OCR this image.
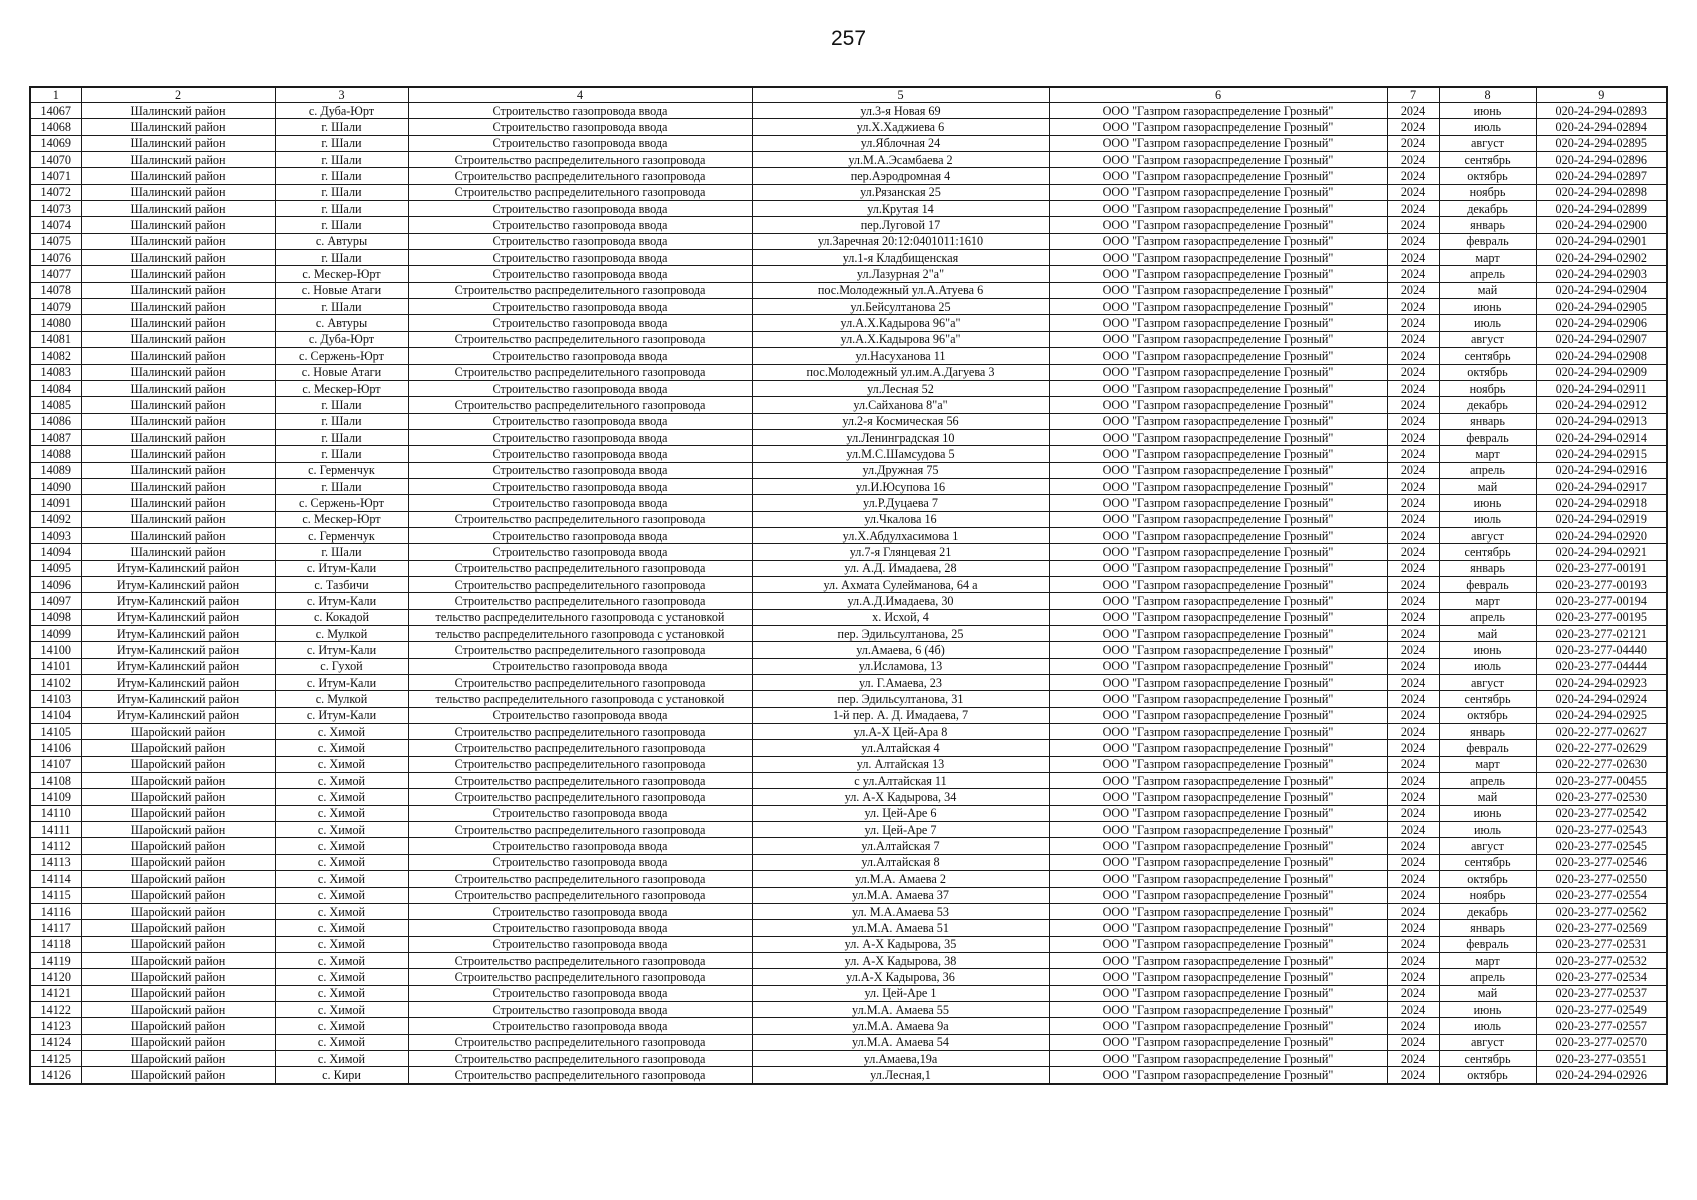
257
1	2	3	4	5	6	7	8	9
14067	Шалинский район	с. Дуба-Юрт	Строительство газопровода ввода	ул.3-я Новая 69	ООО "Газпром газораспределение Грозный"	2024	июнь	020-24-294-02893
14068	Шалинский район	г. Шали	Строительство газопровода ввода	ул.Х.Хаджиева 6	ООО "Газпром газораспределение Грозный"	2024	июль	020-24-294-02894
14069	Шалинский район	г. Шали	Строительство газопровода ввода	ул.Яблочная 24	ООО "Газпром газораспределение Грозный"	2024	август	020-24-294-02895
14070	Шалинский район	г. Шали	Строительство распределительного газопровода	ул.М.А.Эсамбаева 2	ООО "Газпром газораспределение Грозный"	2024	сентябрь	020-24-294-02896
14071	Шалинский район	г. Шали	Строительство распределительного газопровода	пер.Аэродромная 4	ООО "Газпром газораспределение Грозный"	2024	октябрь	020-24-294-02897
14072	Шалинский район	г. Шали	Строительство распределительного газопровода	ул.Рязанская 25	ООО "Газпром газораспределение Грозный"	2024	ноябрь	020-24-294-02898
14073	Шалинский район	г. Шали	Строительство газопровода ввода	ул.Крутая 14	ООО "Газпром газораспределение Грозный"	2024	декабрь	020-24-294-02899
14074	Шалинский район	г. Шали	Строительство газопровода ввода	пер.Луговой 17	ООО "Газпром газораспределение Грозный"	2024	январь	020-24-294-02900
14075	Шалинский район	с. Автуры	Строительство газопровода ввода	ул.Заречная 20:12:0401011:1610	ООО "Газпром газораспределение Грозный"	2024	февраль	020-24-294-02901
14076	Шалинский район	г. Шали	Строительство газопровода ввода	ул.1-я Кладбищенская	ООО "Газпром газораспределение Грозный"	2024	март	020-24-294-02902
14077	Шалинский район	с. Мескер-Юрт	Строительство газопровода ввода	ул.Лазурная 2"а"	ООО "Газпром газораспределение Грозный"	2024	апрель	020-24-294-02903
14078	Шалинский район	с. Новые Атаги	Строительство распределительного газопровода	пос.Молодежный ул.А.Атуева 6	ООО "Газпром газораспределение Грозный"	2024	май	020-24-294-02904
14079	Шалинский район	г. Шали	Строительство газопровода ввода	ул.Бейсултанова 25	ООО "Газпром газораспределение Грозный"	2024	июнь	020-24-294-02905
14080	Шалинский район	с. Автуры	Строительство газопровода ввода	ул.А.Х.Кадырова 96"а"	ООО "Газпром газораспределение Грозный"	2024	июль	020-24-294-02906
14081	Шалинский район	с. Дуба-Юрт	Строительство распределительного газопровода	ул.А.Х.Кадырова 96"а"	ООО "Газпром газораспределение Грозный"	2024	август	020-24-294-02907
14082	Шалинский район	с. Сержень-Юрт	Строительство газопровода ввода	ул.Насуханова 11	ООО "Газпром газораспределение Грозный"	2024	сентябрь	020-24-294-02908
14083	Шалинский район	с. Новые Атаги	Строительство распределительного газопровода	пос.Молодежный ул.им.А.Дагуева 3	ООО "Газпром газораспределение Грозный"	2024	октябрь	020-24-294-02909
14084	Шалинский район	с. Мескер-Юрт	Строительство газопровода ввода	ул.Лесная 52	ООО "Газпром газораспределение Грозный"	2024	ноябрь	020-24-294-02911
14085	Шалинский район	г. Шали	Строительство распределительного газопровода	ул.Сайханова 8"а"	ООО "Газпром газораспределение Грозный"	2024	декабрь	020-24-294-02912
14086	Шалинский район	г. Шали	Строительство газопровода ввода	ул.2-я Космическая 56	ООО "Газпром газораспределение Грозный"	2024	январь	020-24-294-02913
14087	Шалинский район	г. Шали	Строительство газопровода ввода	ул.Ленинградская 10	ООО "Газпром газораспределение Грозный"	2024	февраль	020-24-294-02914
14088	Шалинский район	г. Шали	Строительство газопровода ввода	ул.М.С.Шамсудова 5	ООО "Газпром газораспределение Грозный"	2024	март	020-24-294-02915
14089	Шалинский район	с. Герменчук	Строительство газопровода ввода	ул.Дружная 75	ООО "Газпром газораспределение Грозный"	2024	апрель	020-24-294-02916
14090	Шалинский район	г. Шали	Строительство газопровода ввода	ул.И.Юсупова 16	ООО "Газпром газораспределение Грозный"	2024	май	020-24-294-02917
14091	Шалинский район	с. Сержень-Юрт	Строительство газопровода ввода	ул.Р.Дуцаева 7	ООО "Газпром газораспределение Грозный"	2024	июнь	020-24-294-02918
14092	Шалинский район	с. Мескер-Юрт	Строительство распределительного газопровода	ул.Чкалова 16	ООО "Газпром газораспределение Грозный"	2024	июль	020-24-294-02919
14093	Шалинский район	с. Герменчук	Строительство газопровода ввода	ул.Х.Абдулхасимова 1	ООО "Газпром газораспределение Грозный"	2024	август	020-24-294-02920
14094	Шалинский район	г. Шали	Строительство газопровода ввода	ул.7-я Глянцевая 21	ООО "Газпром газораспределение Грозный"	2024	сентябрь	020-24-294-02921
14095	Итум-Калинский район	с. Итум-Кали	Строительство распределительного газопровода	ул. А.Д. Имадаева, 28	ООО "Газпром газораспределение Грозный"	2024	январь	020-23-277-00191
14096	Итум-Калинский район	с. Тазбичи	Строительство распределительного газопровода	ул. Ахмата Сулейманова, 64 а	ООО "Газпром газораспределение Грозный"	2024	февраль	020-23-277-00193
14097	Итум-Калинский район	с. Итум-Кали	Строительство распределительного газопровода	ул.А.Д.Имадаева, 30	ООО "Газпром газораспределение Грозный"	2024	март	020-23-277-00194
14098	Итум-Калинский район	с. Кокадой	тельство распределительного газопровода с установкой	х. Исхой, 4	ООО "Газпром газораспределение Грозный"	2024	апрель	020-23-277-00195
14099	Итум-Калинский район	с. Мулкой	тельство распределительного газопровода с установкой	пер. Эдильсултанова, 25	ООО "Газпром газораспределение Грозный"	2024	май	020-23-277-02121
14100	Итум-Калинский район	с. Итум-Кали	Строительство распределительного газопровода	ул.Амаева, 6 (4б)	ООО "Газпром газораспределение Грозный"	2024	июнь	020-23-277-04440
14101	Итум-Калинский район	с. Гухой	Строительство газопровода ввода	ул.Исламова, 13	ООО "Газпром газораспределение Грозный"	2024	июль	020-23-277-04444
14102	Итум-Калинский район	с. Итум-Кали	Строительство распределительного газопровода	ул. Г.Амаева, 23	ООО "Газпром газораспределение Грозный"	2024	август	020-24-294-02923
14103	Итум-Калинский район	с. Мулкой	тельство распределительного газопровода с установкой	пер. Эдильсултанова, 31	ООО "Газпром газораспределение Грозный"	2024	сентябрь	020-24-294-02924
14104	Итум-Калинский район	с. Итум-Кали	Строительство газопровода ввода	1-й пер. А. Д. Имадаева, 7	ООО "Газпром газораспределение Грозный"	2024	октябрь	020-24-294-02925
14105	Шаройский район	с. Химой	Строительство распределительного газопровода	ул.А-Х Цей-Ара 8	ООО "Газпром газораспределение Грозный"	2024	январь	020-22-277-02627
14106	Шаройский район	с. Химой	Строительство распределительного газопровода	ул.Алтайская 4	ООО "Газпром газораспределение Грозный"	2024	февраль	020-22-277-02629
14107	Шаройский район	с. Химой	Строительство распределительного газопровода	ул. Алтайская 13	ООО "Газпром газораспределение Грозный"	2024	март	020-22-277-02630
14108	Шаройский район	с. Химой	Строительство распределительного газопровода	с ул.Алтайская 11	ООО "Газпром газораспределение Грозный"	2024	апрель	020-23-277-00455
14109	Шаройский район	с. Химой	Строительство распределительного газопровода	ул. А-Х Кадырова, 34	ООО "Газпром газораспределение Грозный"	2024	май	020-23-277-02530
14110	Шаройский район	с. Химой	Строительство газопровода ввода	ул. Цей-Аре 6	ООО "Газпром газораспределение Грозный"	2024	июнь	020-23-277-02542
14111	Шаройский район	с. Химой	Строительство распределительного газопровода	ул. Цей-Аре 7	ООО "Газпром газораспределение Грозный"	2024	июль	020-23-277-02543
14112	Шаройский район	с. Химой	Строительство газопровода ввода	ул.Алтайская 7	ООО "Газпром газораспределение Грозный"	2024	август	020-23-277-02545
14113	Шаройский район	с. Химой	Строительство газопровода ввода	ул.Алтайская 8	ООО "Газпром газораспределение Грозный"	2024	сентябрь	020-23-277-02546
14114	Шаройский район	с. Химой	Строительство распределительного газопровода	ул.М.А. Амаева 2	ООО "Газпром газораспределение Грозный"	2024	октябрь	020-23-277-02550
14115	Шаройский район	с. Химой	Строительство распределительного газопровода	ул.М.А. Амаева 37	ООО "Газпром газораспределение Грозный"	2024	ноябрь	020-23-277-02554
14116	Шаройский район	с. Химой	Строительство газопровода ввода	ул. М.А.Амаева 53	ООО "Газпром газораспределение Грозный"	2024	декабрь	020-23-277-02562
14117	Шаройский район	с. Химой	Строительство газопровода ввода	ул.М.А. Амаева 51	ООО "Газпром газораспределение Грозный"	2024	январь	020-23-277-02569
14118	Шаройский район	с. Химой	Строительство газопровода ввода	ул. А-Х Кадырова, 35	ООО "Газпром газораспределение Грозный"	2024	февраль	020-23-277-02531
14119	Шаройский район	с. Химой	Строительство распределительного газопровода	ул. А-Х Кадырова, 38	ООО "Газпром газораспределение Грозный"	2024	март	020-23-277-02532
14120	Шаройский район	с. Химой	Строительство распределительного газопровода	ул.А-Х Кадырова, 36	ООО "Газпром газораспределение Грозный"	2024	апрель	020-23-277-02534
14121	Шаройский район	с. Химой	Строительство газопровода ввода	ул. Цей-Аре 1	ООО "Газпром газораспределение Грозный"	2024	май	020-23-277-02537
14122	Шаройский район	с. Химой	Строительство газопровода ввода	ул.М.А. Амаева 55	ООО "Газпром газораспределение Грозный"	2024	июнь	020-23-277-02549
14123	Шаройский район	с. Химой	Строительство газопровода ввода	ул.М.А. Амаева 9а	ООО "Газпром газораспределение Грозный"	2024	июль	020-23-277-02557
14124	Шаройский район	с. Химой	Строительство распределительного газопровода	ул.М.А. Амаева 54	ООО "Газпром газораспределение Грозный"	2024	август	020-23-277-02570
14125	Шаройский район	с. Химой	Строительство распределительного газопровода	ул.Амаева,19а	ООО "Газпром газораспределение Грозный"	2024	сентябрь	020-23-277-03551
14126	Шаройский район	с. Кири	Строительство распределительного газопровода	ул.Лесная,1	ООО "Газпром газораспределение Грозный"	2024	октябрь	020-24-294-02926
